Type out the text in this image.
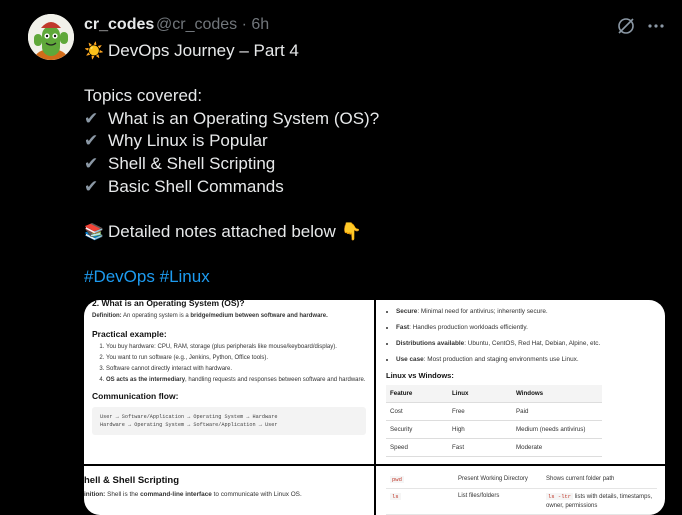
cr_codes @cr_codes · 6h
☀️ DevOps Journey – Part 4
Topics covered:
✔ What is an Operating System (OS)?
✔ Why Linux is Popular
✔ Shell & Shell Scripting
✔ Basic Shell Commands
📚 Detailed notes attached below 👇
#DevOps #Linux
2. What is an Operating System (OS)?

Definition: An operating system is a bridge/medium between software and hardware.

Practical example:
1. You buy hardware: CPU, RAM, storage (plus peripherals like mouse/keyboard/display).
2. You want to run software (e.g., Jenkins, Python, Office tools).
3. Software cannot directly interact with hardware.
4. OS acts as the intermediary, handling requests and responses between software and hardware.
Communication flow:
User → Software/Application → Operating System → Hardware
Hardware → Operating System → Software/Application → User
• Secure: Minimal need for antivirus; inherently secure.
• Fast: Handles production workloads efficiently.
• Distributions available: Ubuntu, CentOS, Red Hat, Debian, Alpine, etc.
• Use case: Most production and staging environments use Linux.
Linux vs Windows:
Feature	Linux	Windows
Cost	Free	Paid
Security	High	Medium (needs antivirus)
Speed	Fast	Moderate
hell & Shell Scripting

inition: Shell is the command-line interface to communicate with Linux OS.

pwd	Present Working Directory	Shows current folder path
ls	List files/folders	ls -ltr lists with details, timestamps, owner, permissions
